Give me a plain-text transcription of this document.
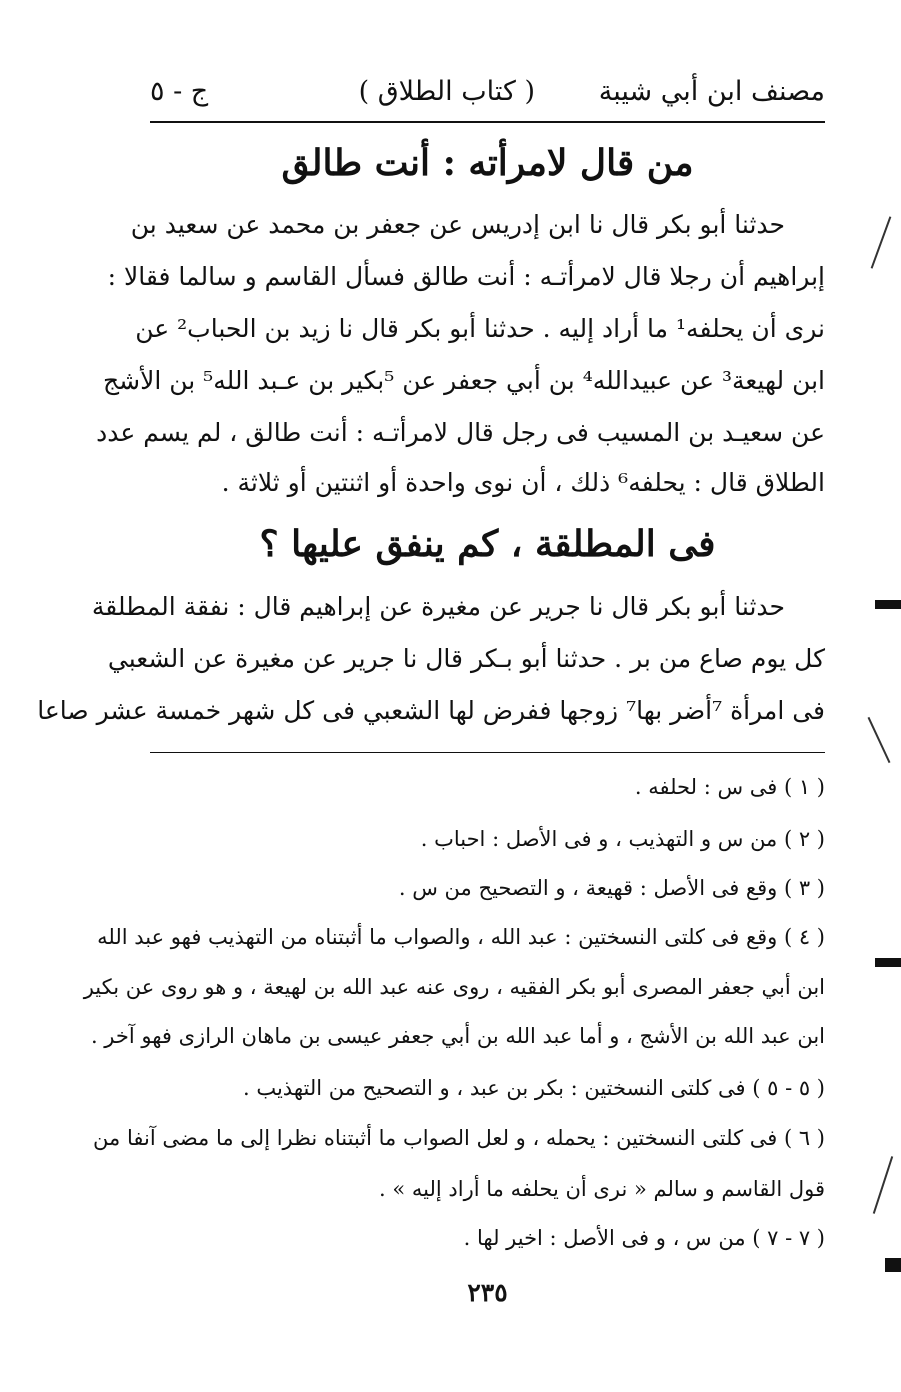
مصنف ابن أبي شيبة
( كتاب الطلاق )
ج - ٥
من قال لامرأته : أنت طالق

حدثنا أبو بكر قال نا ابن إدريس عن جعفر بن محمد عن سعيد بن

إبراهيم أن رجلا قال لامرأتـه : أنت طالق فسأل القاسم و سالما فقالا :

نرى أن يحلفه¹ ما أراد إليه . حدثنا أبو بكر قال نا زيد بن الحباب² عن

ابن لهيعة³ عن عبيدالله⁴ بن أبي جعفر عن ⁵بكير بن عـبد الله⁵ بن الأشج

عن سعيـد بن المسيب فى رجل قال لامرأتـه : أنت طالق ، لم يسم عدد

الطلاق قال : يحلفه⁶ ذلك ، أن نوى واحدة أو اثنتين أو ثلاثة .

فى المطلقة ، كم ينفق عليها ؟

حدثنا أبو بكر قال نا جرير عن مغيرة عن إبراهيم قال : نفقة المطلقة

كل يوم صاع من بر . حدثنا أبو بـكر قال نا جرير عن مغيرة عن الشعبي

فى امرأة ⁷أضر بها⁷ زوجها ففرض لها الشعبي فى كل شهر خمسة عشر صاعا

( ١ ) فى س : لحلفه .

( ٢ ) من س و التهذيب ، و فى الأصل : احباب .

( ٣ ) وقع فى الأصل : قهيعة ، و التصحيح من س .

( ٤ ) وقع فى كلتى النسختين : عبد الله ، والصواب ما أثبتناه من التهذيب فهو عبد الله

ابن أبي جعفر المصرى أبو بكر الفقيه ، روى عنه عبد الله بن لهيعة ، و هو روى عن بكير

ابن عبد الله بن الأشج ، و أما عبد الله بن أبي جعفر عيسى بن ماهان الرازى فهو آخر .

( ٥ - ٥ ) فى كلتى النسختين : بكر بن عبد ، و التصحيح من التهذيب .

( ٦ ) فى كلتى النسختين : يحمله ، و لعل الصواب ما أثبتناه نظرا إلى ما مضى آنفا من

قول القاسم و سالم « نرى أن يحلفه ما أراد إليه » .

( ٧ - ٧ ) من س ، و فى الأصل : اخير لها .

٢٣٥
